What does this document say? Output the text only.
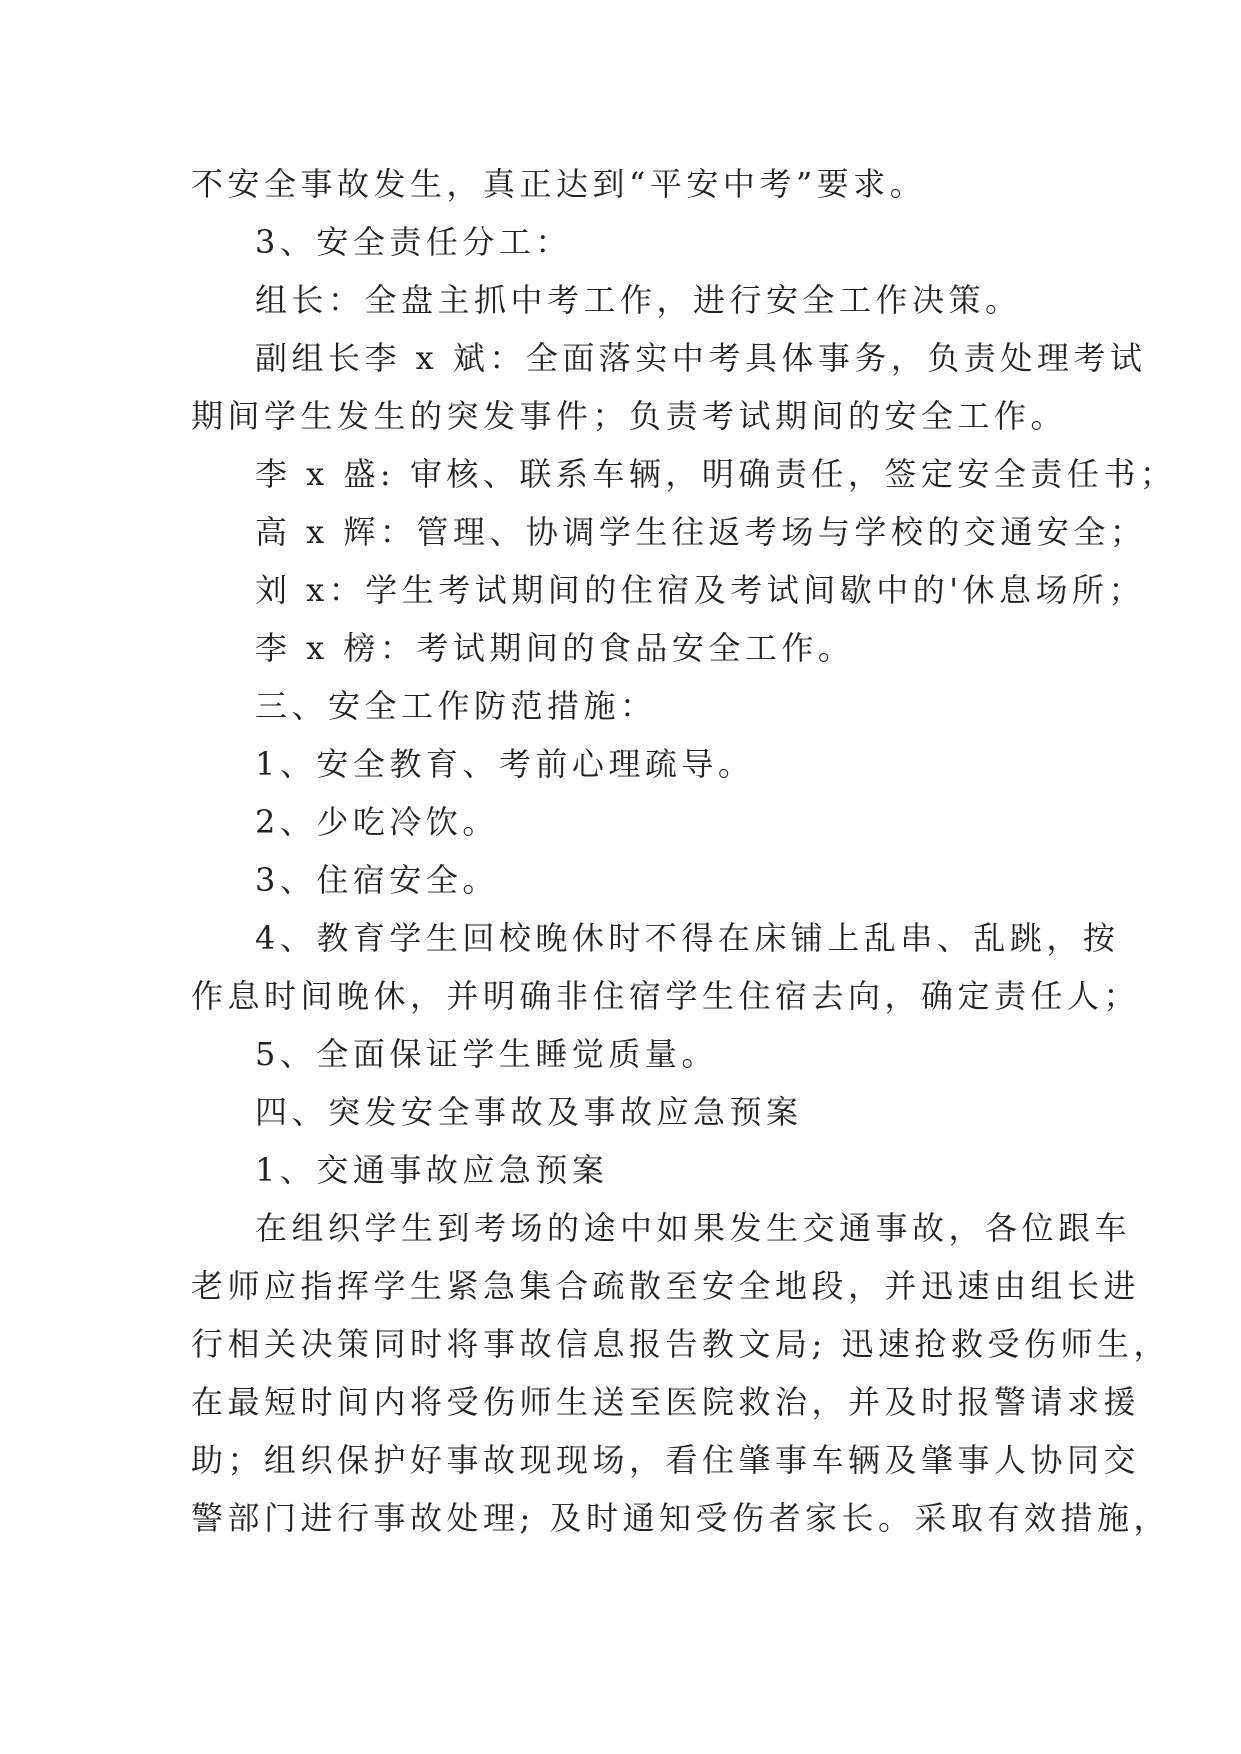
不安全事故发生，真正达到“平安中考”要求。

3、安全责任分工：

组长：全盘主抓中考工作，进行安全工作决策。

副组长李 x 斌：全面落实中考具体事务，负责处理考试

期间学生发生的突发事件；负责考试期间的安全工作。

李 x 盛: 审核、联系车辆，明确责任，签定安全责任书；

高 x 辉：管理、协调学生往返考场与学校的交通安全；

刘 x：学生考试期间的住宿及考试间歇中的'休息场所；

李 x 榜：考试期间的食品安全工作。

三、安全工作防范措施：

1、安全教育、考前心理疏导。

2、少吃冷饮。

3、住宿安全。

4、教育学生回校晚休时不得在床铺上乱串、乱跳，按

作息时间晚休，并明确非住宿学生住宿去向，确定责任人；

5、全面保证学生睡觉质量。

四、突发安全事故及事故应急预案

1、交通事故应急预案

在组织学生到考场的途中如果发生交通事故，各位跟车

老师应指挥学生紧急集合疏散至安全地段，并迅速由组长进

行相关决策同时将事故信息报告教文局; 迅速抢救受伤师生，

在最短时间内将受伤师生送至医院救治，并及时报警请求援

助；组织保护好事故现现场，看住肇事车辆及肇事人协同交

警部门进行事故处理; 及时通知受伤者家长。采取有效措施，
